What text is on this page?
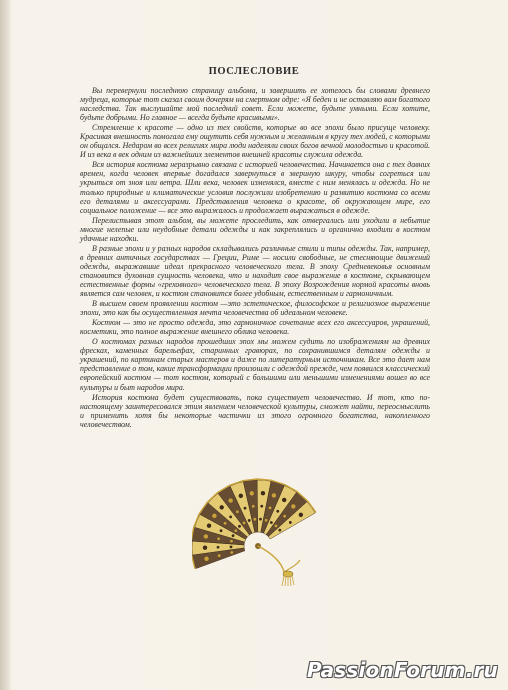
ПОСЛЕСЛОВИЕ

Вы перевернули последнюю страницу альбома, и завершить ее хотелось бы словами древнего мудреца, которые тот сказал своим дочерям на смертном одре: «Я беден и не оставляю вам богатого наследства. Так выслушайте мой последний совет. Если можете, будьте умными. Если хотите, будьте добрыми. Но главное — всегда будьте красивыми».

Стремление к красоте — одно из тех свойств, которые во все эпохи было присуще человеку. Красивая внешность помогала ему ощутить себя нужным и желанным в кругу тех людей, с которыми он общался. Недаром во всех религиях мира люди наделяли своих богов вечной молодостью и красотой. И из века в век одним из важнейших элементов внешней красоты служила одежда.

Вся история костюма неразрывно связана с историей человечества. Начинается она с тех давних времен, когда человек впервые догадался завернуться в звериную шкуру, чтобы согреться или укрыться от зноя или ветра. Шли века, человек изменялся, вместе с ним менялась и одежда. Но не только природные и климатические условия послужили изобретению и развитию костюма со всеми его деталями и аксессуарами. Представления человека о красоте, об окружающем мире, его социальное положение — все это выражалось и продолжает выражаться в одежде.

Перелистывая этот альбом, вы можете проследить, как отвергались или уходили в небытие многие нелепые или неудобные детали одежды и как закреплялись и органично входили в костюм удачные находки.

В разные эпохи и у разных народов складывались различные стили и типы одежды. Так, например, в древних античных государствах — Греции, Риме — носили свободные, не стесняющие движений одежды, выражавшие идеал прекрасного человеческого тела. В эпоху Средневековья основным становится духовная сущность человека, что и находит свое выражение в костюме, скрывающем естественные формы «греховного» человеческого тела. В эпоху Возрождения нормой красоты вновь является сам человек, и костюм становится более удобным, естественным и гармоничным.

В высшем своем проявлении костюм —это эстетическое, философское и религиозное выражение эпохи, это как бы осуществленная мечта человечества об идеальном человеке.

Костюм — это не просто одежда, это гармоничное сочетание всех его аксессуаров, украшений, косметики, это полное выражение внешнего облика человека.

О костюмах разных народов прошедших эпох мы можем судить по изображениям на древних фресках, каменных барельефах, старинных гравюрах, по сохранившимся деталям одежды и украшений, по картинам старых мастеров и даже по литературным источникам. Все это дает нам представление о том, какие трансформации произошли с одеждой прежде, чем появился классический европейский костюм — тот костюм, который с большими или меньшими изменениями вошел во все культуры и быт народов мира.

История костюма будет существовать, пока существует человечество. И тот, кто по-настоящему заинтересовался этим явлением человеческой культуры, сможет найти, переосмыслить и применить хотя бы некоторые частички из этого огромного богатства, накопленного человечеством.

PassionForum.ru
